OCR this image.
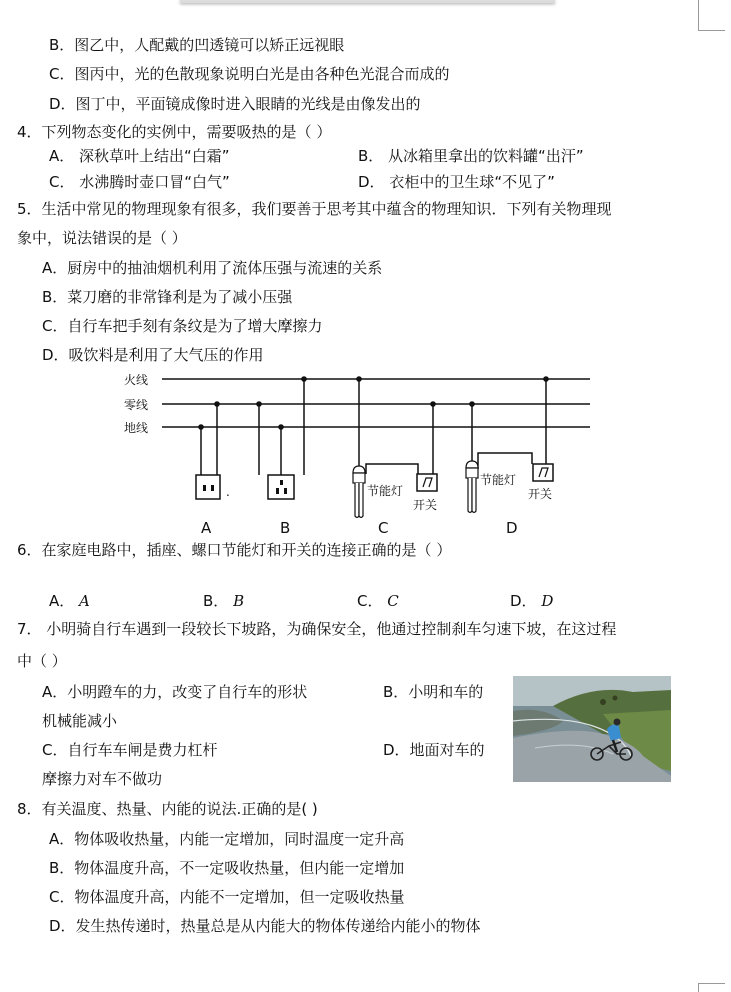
B．图乙中，人配戴的凹透镜可以矫正远视眼
C．图丙中，光的色散现象说明白光是由各种色光混合而成的
D．图丁中，平面镜成像时进入眼睛的光线是由像发出的
4．下列物态变化的实例中，需要吸热的是（ ）
A． 深秋草叶上结出“白霜”	B． 从冰箱里拿出的饮料罐“出汗”
C． 水沸腾时壶口冒“白气”	D． 衣柜中的卫生球“不见了”
5．生活中常见的物理现象有很多，我们要善于思考其中蕴含的物理知识．下列有关物理现
象中，说法错误的是（ ）
A．厨房中的抽油烟机利用了流体压强与流速的关系
B．菜刀磨的非常锋利是为了减小压强
C．自行车把手刻有条纹是为了增大摩擦力
D．吸饮料是利用了大气压的作用
火线
零线
地线
.	节能灯
开关
节能灯
开关
A	B	C	D
6．在家庭电路中，插座、螺口节能灯和开关的连接正确的是（ ）
A． A	B． B	C． C	D． D
7． 小明骑自行车遇到一段较长下坡路，为确保安全，他通过控制刹车匀速下坡，在这过程
中（ ）
A．小明蹬车的力，改变了自行车的形状	B．小明和车的
机械能减小
C．自行车车闸是费力杠杆	D．地面对车的
摩擦力对车不做功
8．有关温度、热量、内能的说法.正确的是( )
A．物体吸收热量，内能一定增加，同时温度一定升高
B．物体温度升高，不一定吸收热量，但内能一定增加
C．物体温度升高，内能不一定增加，但一定吸收热量
D．发生热传递时，热量总是从内能大的物体传递给内能小的物体
